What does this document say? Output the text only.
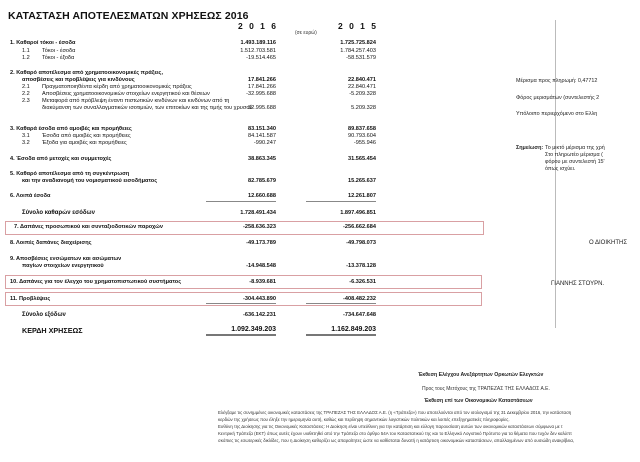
ΚΑΤΑΣΤΑΣΗ ΑΠΟΤΕΛΕΣΜΑΤΩΝ ΧΡΗΣΕΩΣ 2016
2 0 1 6	2 0 1 5
(σε ευρώ)
1. Καθαροί τόκοι - έσοδα	1.493.189.116	1.725.725.824
1.1 Τόκοι - έσοδα	1.512.703.581	1.784.257.403
1.2 Τόκοι - έξοδα	-19.514.465	-58.531.579
2. Καθαρό αποτέλεσμα από χρηματοοικονομικές πράξεις,
αποσβέσεις και προβλέψεις για κινδύνους	17.841.266	22.840.471
2.1 Πραγματοποιηθέντα κέρδη από χρηματοοικονομικές πράξεις	17.841.266	22.840.471
2.2 Αποσβέσεις χρηματοοικονομικών στοιχείων ενεργητικού και θέσεων	-32.995.688	-5.209.328
2.3 Μεταφορά από πρόβλεψη έναντι πιστωτικών κινδύνων και κινδύνων από τη
διακύμανση των συναλλαγματικών ισοτιμιών, των επιτοκίων και της τιμής του χρυσού
32.995.688	5.209.328
3. Καθαρά έσοδα από αμοιβές και προμήθειες	83.151.340	89.837.658
3.1 Έσοδα από αμοιβές και προμήθειες	84.141.587	90.793.604
3.2 Έξοδα για αμοιβές και προμήθειες	-990.247	-955.946
4. Έσοδα από μετοχές και συμμετοχές	38.863.345	31.565.454
5. Καθαρό αποτέλεσμα από τη συγκέντρωση
και την αναδιανομή του νομισματικού εισοδήματος	82.785.679	15.265.637
6. Λοιπά έσοδα	12.660.688	12.261.807
Σύνολο καθαρών εσόδων	1.728.491.434	1.897.496.851
7. Δαπάνες προσωπικού και συνταξιοδοτικών παροχών	-258.636.323	-256.662.684
8. Λοιπές δαπάνες διαχείρισης	-49.173.789	-49.798.073
9. Αποσβέσεις ενσώματων και ασώματων
παγίων στοιχείων ενεργητικού	-14.948.548	-13.378.128
10. Δαπάνες για τον έλεγχο του χρηματοπιστωτικού συστήματος	-8.939.681	-6.326.531
11. Προβλέψεις	-304.443.890	-408.482.232
Σύνολο εξόδων	-636.142.231	-734.647.648
ΚΕΡΔΗ ΧΡΗΣΕΩΣ	1.092.349.203	1.162.849.203
Μέρισμα προς πληρωμή: 0,47712
Φόρος μερισμάτων (συντελεστής 2
Υπόλοιπο περιερχόμενο στο Ελλη
Σημείωση: Το μικτό μέρισμα της χρή
Στο πληρωτέο μέρισμα (
φόρου με συντελεστή 15'
όπως ισχύει.
Ο ΔΙΟΙΚΗΤΗΣ
ΓΙΑΝΝΗΣ ΣΤΟΥΡΝ.
Έκθεση Ελέγχου Ανεξάρτητων Ορκωτών Ελεγκτών
Προς τους Μετόχους της ΤΡΑΠΕΖΑΣ ΤΗΣ ΕΛΛΑΔΟΣ Α.Ε.
Έκθεση επί των Οικονομικών Καταστάσεων
Ελέγξαμε τις συνημμένες οικονομικές καταστάσεις της ΤΡΑΠΕΖΑΣ ΤΗΣ ΕΛΛΑΔΟΣ Α.Ε. (η «Τράπεζα») που αποτελούνται από τον ισολογισμό της 31 Δεκεμβρίου 2016, την κατάσταση
κερδών της χρήσεως που έληξε την ημερομηνία αυτή, καθώς και περίληψη σημαντικών λογιστικών πολιτικών και λοιπές επεξηγηματικές πληροφορίες.
Ευθύνη της Διοίκησης για τις Οικονομικές Καταστάσεις: Η Διοίκηση είναι υπεύθυνη για την κατάρτιση και εύλογη παρουσίαση αυτών των οικονομικών καταστάσεων σύμφωνα με τ
Κεντρική Τράπεζα (ΕΚΤ) όπως αυτές έχουν υιοθετηθεί από την Τράπεζα στο άρθρο 54Α του Καταστατικού της και το Ελληνικό Λογιστικό Πρότυπο για τα θέματα που τυχόν δεν καλύπτ
σκόπιες τις εσωτερικές δικλίδες, που η Διοίκηση καθορίζει ως απαραίτητες ώστε να καθίσταται δυνατή η κατάρτιση οικονομικών καταστάσεων, απαλλαγμένων από ουσιώδη ανακρίβεια,
